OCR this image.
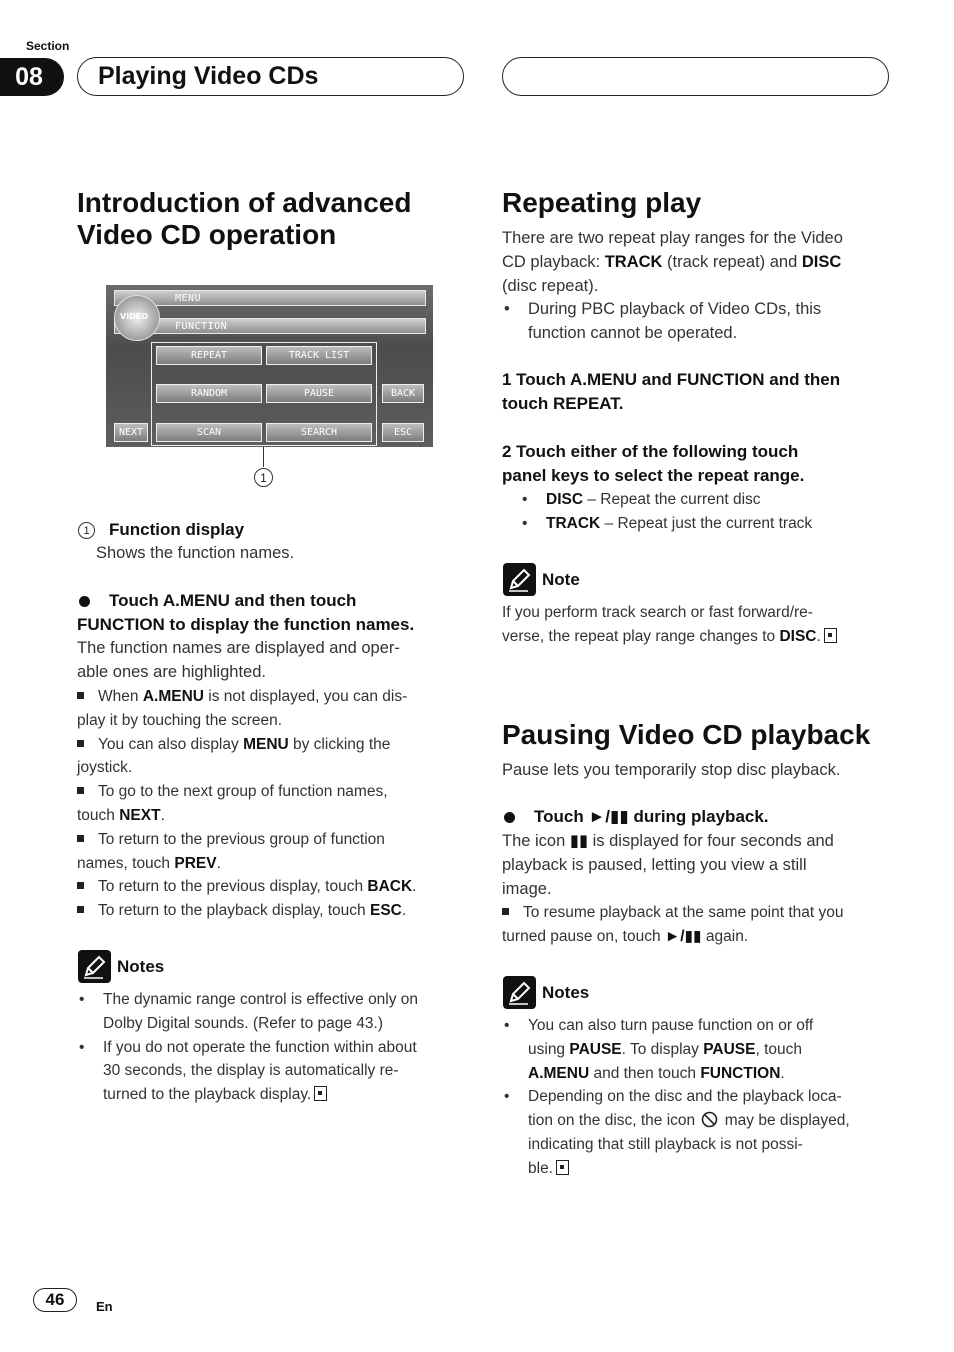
Section
08	Playing Video CDs
Introduction of advanced
Video CD operation
MENU
FUNCTION
VIDEO
REPEAT	TRACK LIST
RANDOM	PAUSE	BACK
NEXT	SCAN	SEARCH	ESC
1
1	Function display
Shows the function names.
Touch A.MENU and then touch
FUNCTION to display the function names.
The function names are displayed and oper-
able ones are highlighted.
When A.MENU is not displayed, you can dis-
play it by touching the screen.
You can also display MENU by clicking the
joystick.
To go to the next group of function names,
touch NEXT.
To return to the previous group of function
names, touch PREV.
To return to the previous display, touch BACK.
To return to the playback display, touch ESC.
Notes
• The dynamic range control is effective only on
Dolby Digital sounds. (Refer to page 43.)
• If you do not operate the function within about
30 seconds, the display is automatically re-
turned to the playback display.
Repeating play
There are two repeat play ranges for the Video
CD playback: TRACK (track repeat) and DISC
(disc repeat).
• During PBC playback of Video CDs, this
function cannot be operated.
1 Touch A.MENU and FUNCTION and then
touch REPEAT.
2 Touch either of the following touch
panel keys to select the repeat range.
• DISC – Repeat the current disc
• TRACK – Repeat just the current track
Note
If you perform track search or fast forward/re-
verse, the repeat play range changes to DISC.
Pausing Video CD playback
Pause lets you temporarily stop disc playback.
Touch ►/▮▮ during playback.
The icon ▮▮ is displayed for four seconds and
playback is paused, letting you view a still
image.
To resume playback at the same point that you
turned pause on, touch ►/▮▮ again.
Notes
• You can also turn pause function on or off
using PAUSE. To display PAUSE, touch
A.MENU and then touch FUNCTION.
• Depending on the disc and the playback loca-
tion on the disc, the icon  may be displayed,
indicating that still playback is not possi-
ble.
46	En
